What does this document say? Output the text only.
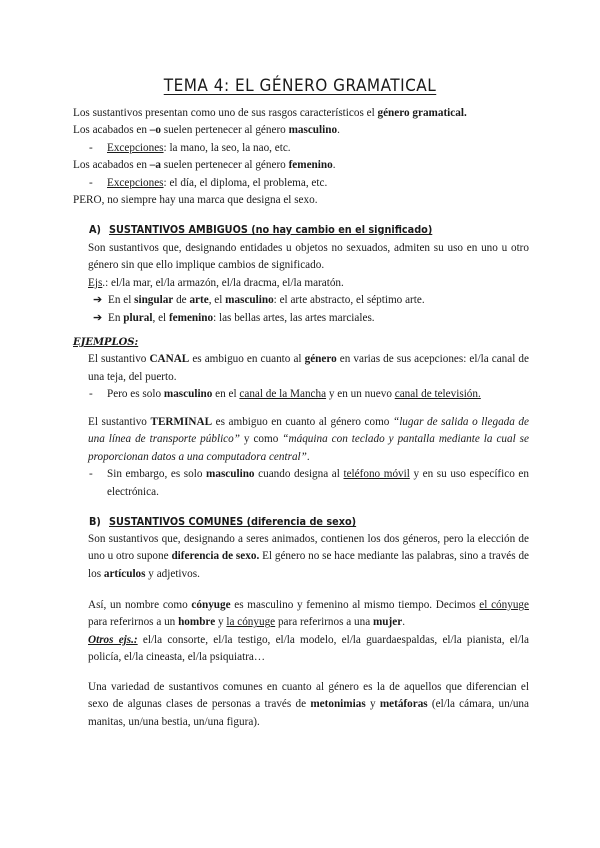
TEMA 4: EL GÉNERO GRAMATICAL
Los sustantivos presentan como uno de sus rasgos característicos el género gramatical.
Los acabados en –o suelen pertenecer al género masculino.
- Excepciones: la mano, la seo, la nao, etc.
Los acabados en –a suelen pertenecer al género femenino.
- Excepciones: el día, el diploma, el problema, etc.
PERO, no siempre hay una marca que designa el sexo.
A) SUSTANTIVOS AMBIGUOS (no hay cambio en el significado)
Son sustantivos que, designando entidades u objetos no sexuados, admiten su uso en uno u otro género sin que ello implique cambios de significado.
Ejs.: el/la mar, el/la armazón, el/la dracma, el/la maratón.
➔ En el singular de arte, el masculino: el arte abstracto, el séptimo arte.
➔ En plural, el femenino: las bellas artes, las artes marciales.
EJEMPLOS:
El sustantivo CANAL es ambiguo en cuanto al género en varias de sus acepciones: el/la canal de una teja, del puerto.
- Pero es solo masculino en el canal de la Mancha y en un nuevo canal de televisión.
El sustantivo TERMINAL es ambiguo en cuanto al género como “lugar de salida o llegada de una línea de transporte público” y como “máquina con teclado y pantalla mediante la cual se proporcionan datos a una computadora central”.
- Sin embargo, es solo masculino cuando designa al teléfono móvil y en su uso específico en electrónica.
B) SUSTANTIVOS COMUNES (diferencia de sexo)
Son sustantivos que, designando a seres animados, contienen los dos géneros, pero la elección de uno u otro supone diferencia de sexo. El género no se hace mediante las palabras, sino a través de los artículos y adjetivos.
Así, un nombre como cónyuge es masculino y femenino al mismo tiempo. Decimos el cónyuge para referirnos a un hombre y la cónyuge para referirnos a una mujer.
Otros ejs.: el/la consorte, el/la testigo, el/la modelo, el/la guardaespaldas, el/la pianista, el/la policía, el/la cineasta, el/la psiquiatra…
Una variedad de sustantivos comunes en cuanto al género es la de aquellos que diferencian el sexo de algunas clases de personas a través de metonimias y metáforas (el/la cámara, un/una manitas, un/una bestia, un/una figura).
